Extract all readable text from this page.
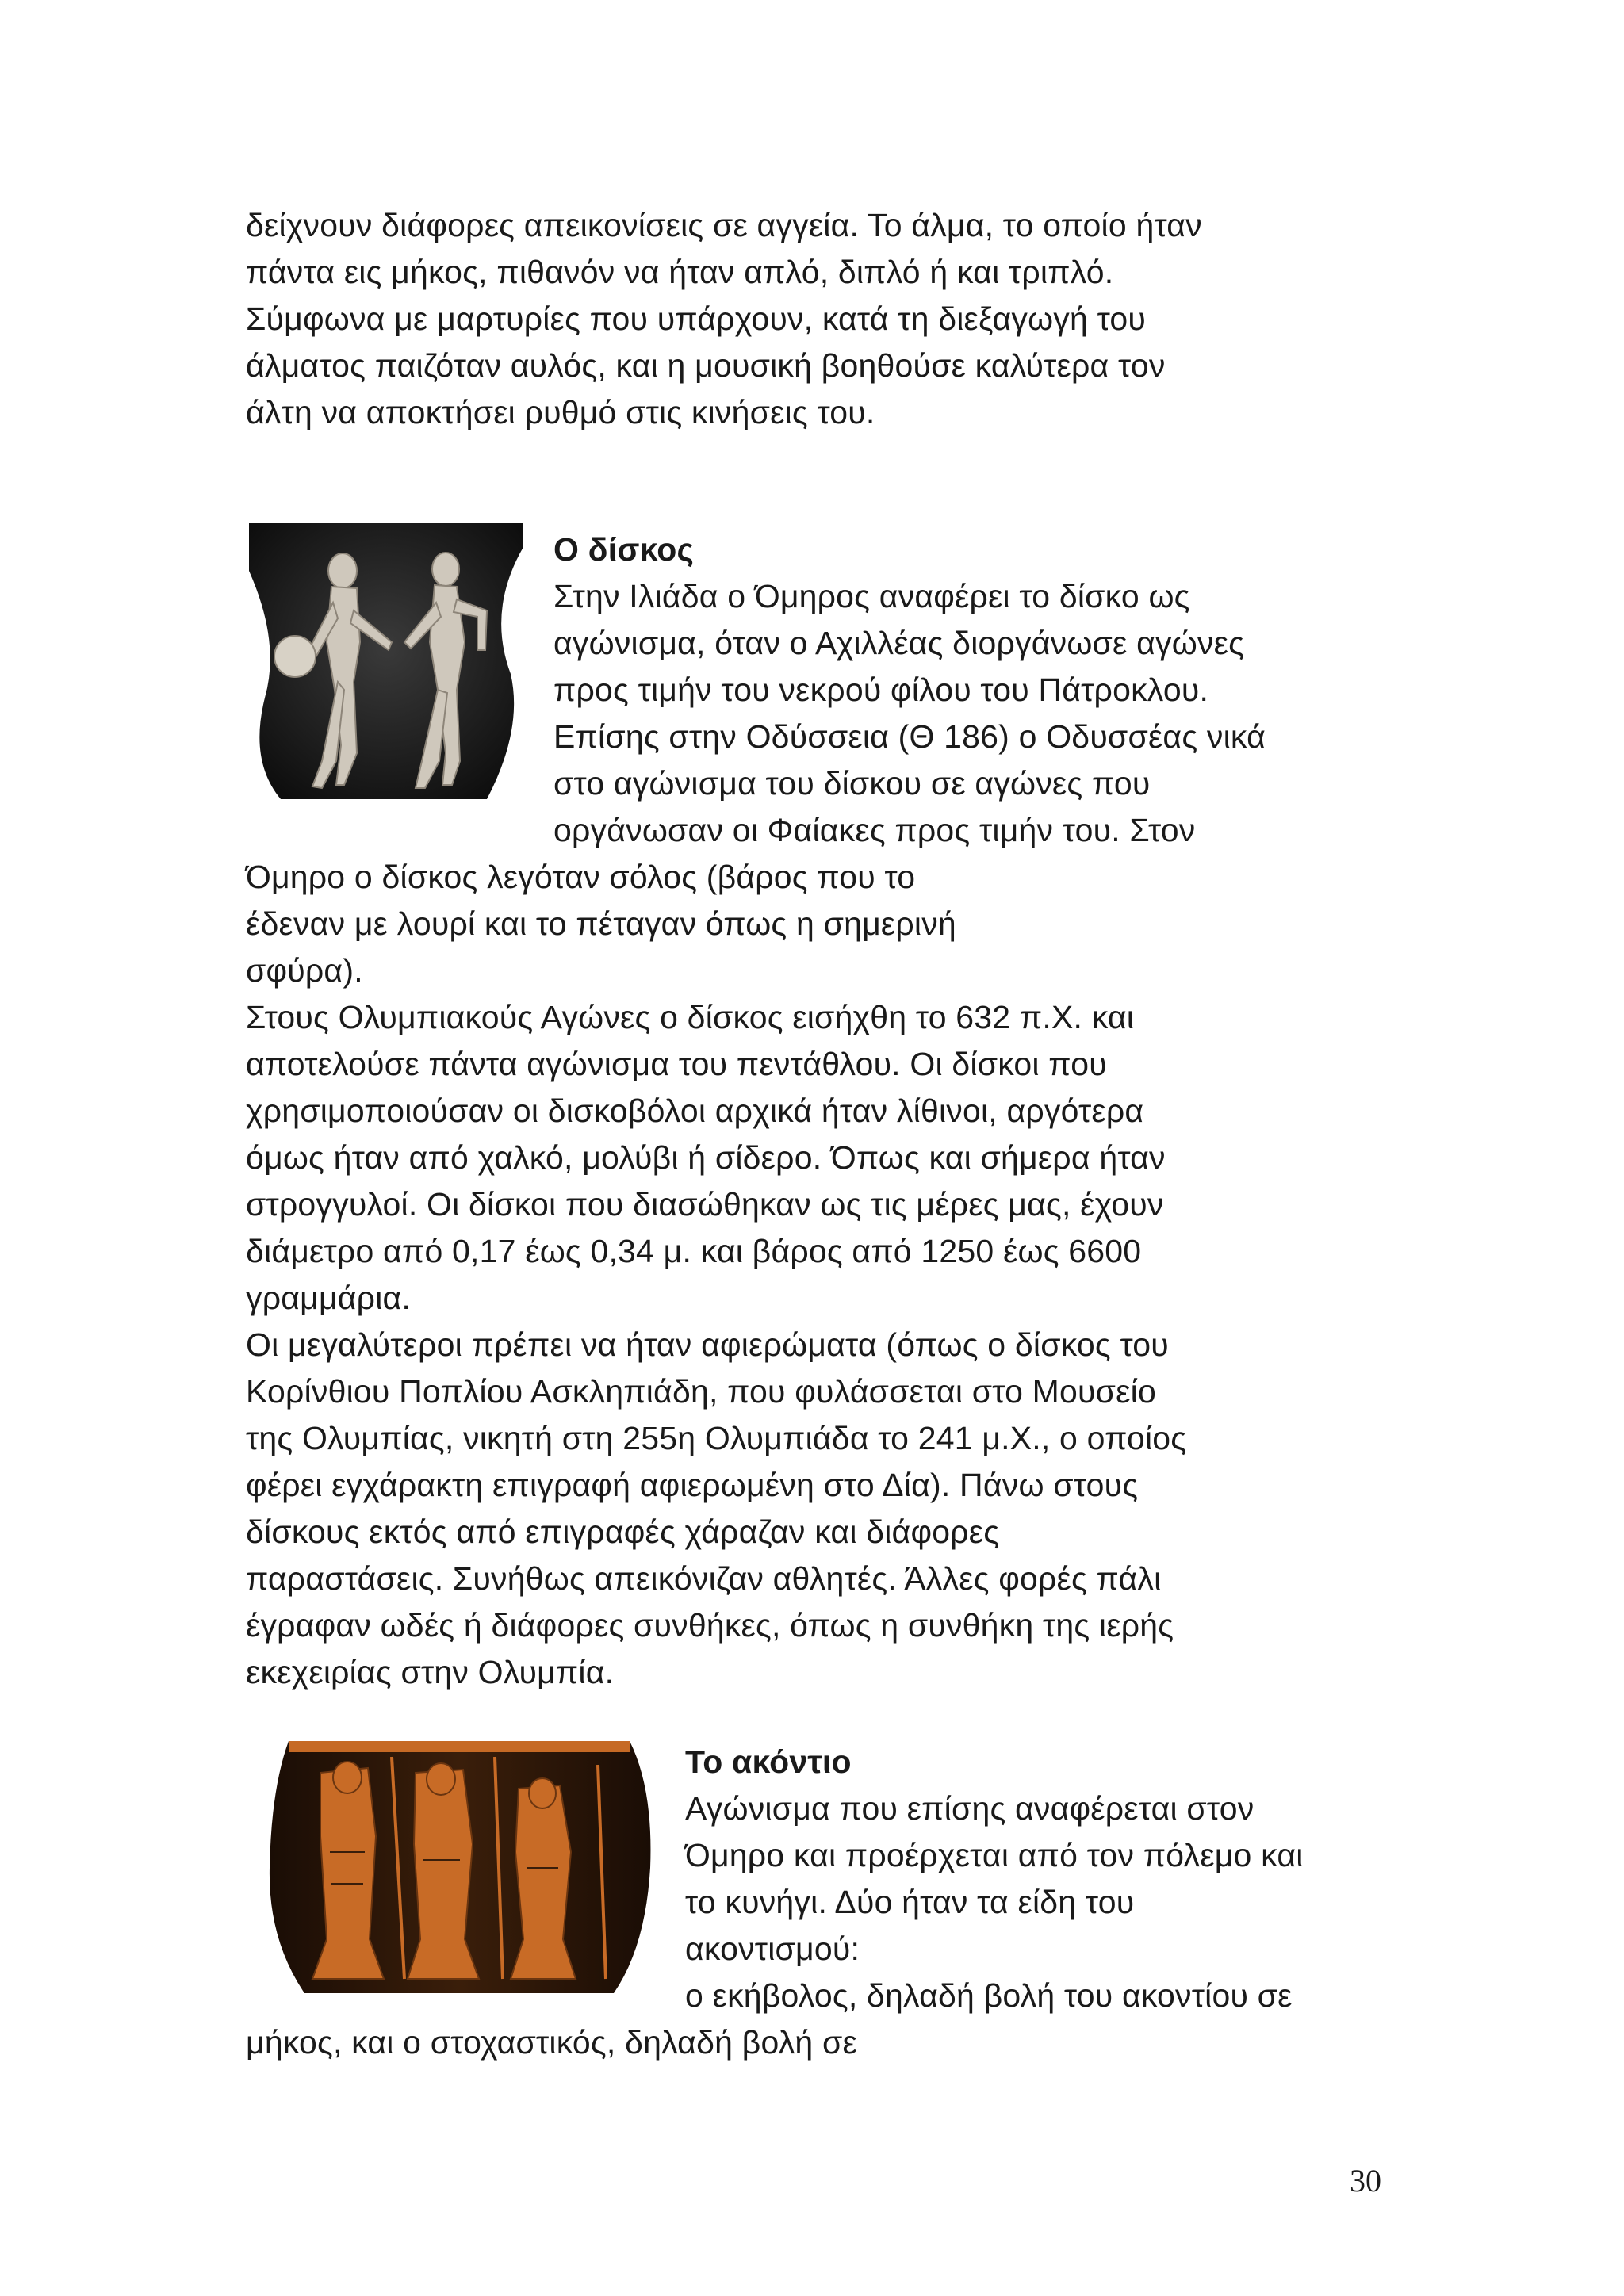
δείχνουν διάφορες απεικονίσεις σε αγγεία. Το άλμα, το οποίο ήταν
πάντα εις μήκος, πιθανόν να ήταν απλό, διπλό ή και τριπλό.
Σύμφωνα με μαρτυρίες που υπάρχουν, κατά τη διεξαγωγή του
άλματος παιζόταν αυλός, και η μουσική βοηθούσε καλύτερα τον
άλτη να αποκτήσει ρυθμό στις κινήσεις του.
Ο δίσκος
Στην Ιλιάδα ο Όμηρος αναφέρει το δίσκο ως
αγώνισμα, όταν ο Αχιλλέας διοργάνωσε αγώνες
προς τιμήν του νεκρού φίλου του Πάτροκλου.
Επίσης στην Οδύσσεια (Θ 186) ο Οδυσσέας νικά
στο αγώνισμα του δίσκου σε αγώνες που
οργάνωσαν οι Φαίακες προς τιμήν του. Στον
Όμηρο ο δίσκος λεγόταν σόλος (βάρος που το
έδεναν με λουρί και το πέταγαν όπως η σημερινή
σφύρα).
Στους Ολυμπιακούς Αγώνες ο δίσκος εισήχθη το 632 π.Χ. και
αποτελούσε πάντα αγώνισμα του πεντάθλου. Οι δίσκοι που
χρησιμοποιούσαν οι δισκοβόλοι αρχικά ήταν λίθινοι, αργότερα
όμως ήταν από χαλκό, μολύβι ή σίδερο. Όπως και σήμερα ήταν
στρογγυλοί. Οι δίσκοι που διασώθηκαν ως τις μέρες μας, έχουν
διάμετρο από 0,17 έως 0,34 μ. και βάρος από 1250 έως 6600
γραμμάρια.
Οι μεγαλύτεροι πρέπει να ήταν αφιερώματα (όπως ο δίσκος του
Κορίνθιου Ποπλίου Ασκληπιάδη, που φυλάσσεται στο Μουσείο
της Ολυμπίας, νικητή στη 255η Ολυμπιάδα το 241 μ.Χ., ο οποίος
φέρει εγχάρακτη επιγραφή αφιερωμένη στο Δία). Πάνω στους
δίσκους εκτός από επιγραφές χάραζαν και διάφορες
παραστάσεις. Συνήθως απεικόνιζαν αθλητές. Άλλες φορές πάλι
έγραφαν ωδές ή διάφορες συνθήκες, όπως η συνθήκη της ιερής
εκεχειρίας στην Ολυμπία.
Το ακόντιο
Αγώνισμα που επίσης αναφέρεται στον
Όμηρο και προέρχεται από τον πόλεμο και
το κυνήγι. Δύο ήταν τα είδη του
ακοντισμού:
ο εκήβολος, δηλαδή βολή του ακοντίου σε
μήκος, και ο στοχαστικός, δηλαδή βολή σε
30
